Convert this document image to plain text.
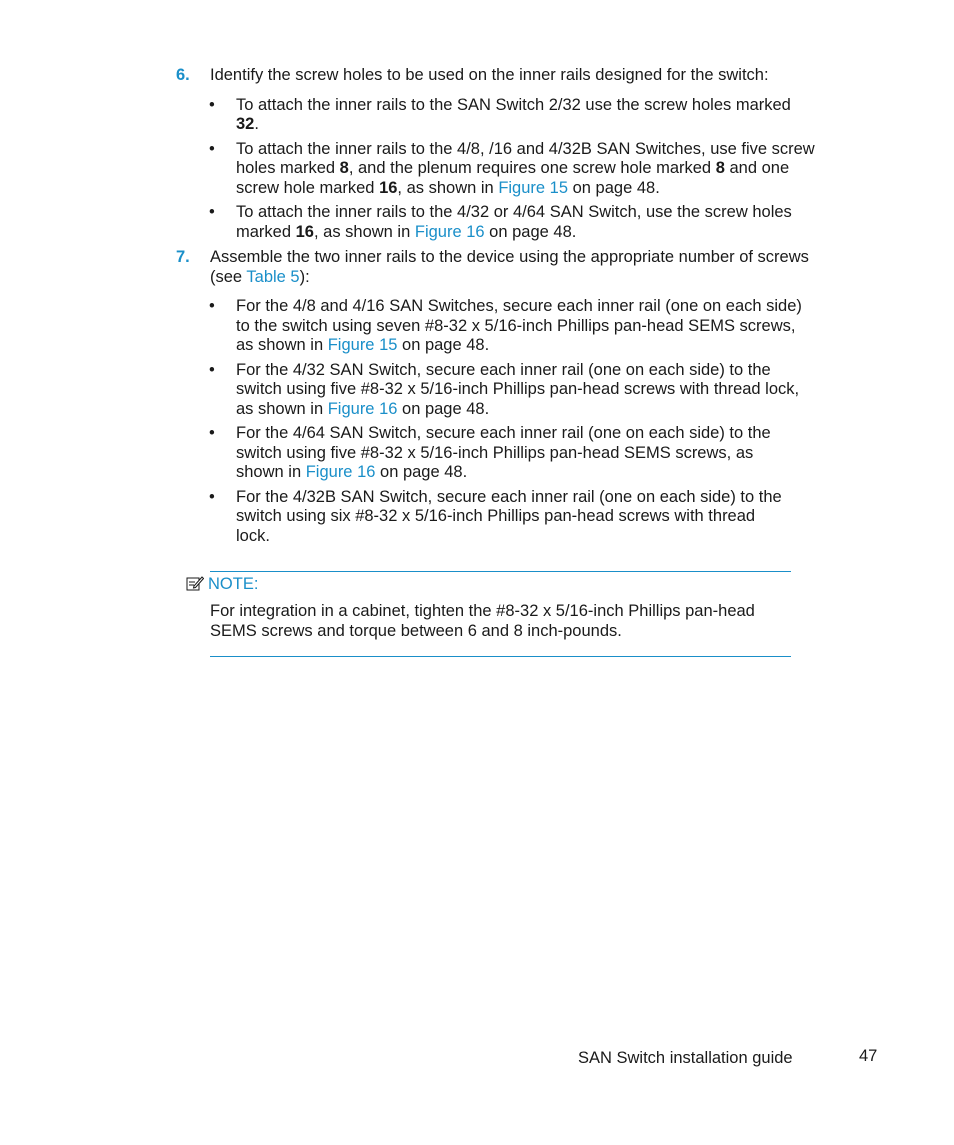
6. Identify the screw holes to be used on the inner rails designed for the switch:
• To attach the inner rails to the SAN Switch 2/32 use the screw holes marked 32.
• To attach the inner rails to the 4/8, /16 and 4/32B SAN Switches, use five screw holes marked 8, and the plenum requires one screw hole marked 8 and one screw hole marked 16, as shown in Figure 15 on page 48.
• To attach the inner rails to the 4/32 or 4/64 SAN Switch, use the screw holes marked 16, as shown in Figure 16 on page 48.
7. Assemble the two inner rails to the device using the appropriate number of screws (see Table 5):
• For the 4/8 and 4/16 SAN Switches, secure each inner rail (one on each side) to the switch using seven #8-32 x 5/16-inch Phillips pan-head SEMS screws, as shown in Figure 15 on page 48.
• For the 4/32 SAN Switch, secure each inner rail (one on each side) to the switch using five #8-32 x 5/16-inch Phillips pan-head screws with thread lock, as shown in Figure 16 on page 48.
• For the 4/64 SAN Switch, secure each inner rail (one on each side) to the switch using five #8-32 x 5/16-inch Phillips pan-head SEMS screws, as shown in Figure 16 on page 48.
• For the 4/32B SAN Switch, secure each inner rail (one on each side) to the switch using six #8-32 x 5/16-inch Phillips pan-head screws with thread lock.
NOTE:
For integration in a cabinet, tighten the #8-32 x 5/16-inch Phillips pan-head SEMS screws and torque between 6 and 8 inch-pounds.
SAN Switch installation guide	47
